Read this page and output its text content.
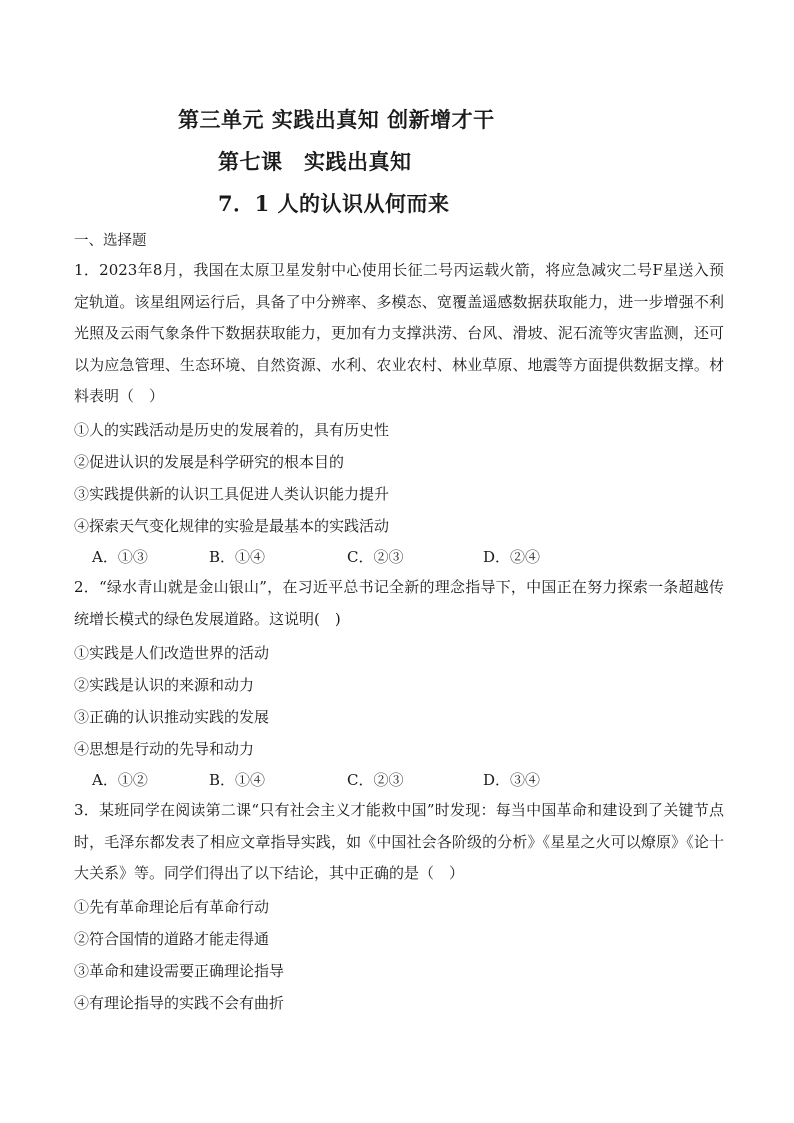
第三单元 实践出真知 创新增才干
第七课　实践出真知
7．1 人的认识从何而来
一、选择题
1．2023年8月，我国在太原卫星发射中心使用长征二号丙运载火箭，将应急减灾二号F星送入预定轨道。该星组网运行后，具备了中分辨率、多模态、宽覆盖遥感数据获取能力，进一步增强不利光照及云雨气象条件下数据获取能力，更加有力支撑洪涝、台风、滑坡、泥石流等灾害监测，还可以为应急管理、生态环境、自然资源、水利、农业农村、林业草原、地震等方面提供数据支撑。材料表明（　）
①人的实践活动是历史的发展着的，具有历史性
②促进认识的发展是科学研究的根本目的
③实践提供新的认识工具促进人类认识能力提升
④探索天气变化规律的实验是最基本的实践活动
A．①③	B．①④	C．②③	D．②④
2．“绿水青山就是金山银山”，在习近平总书记全新的理念指导下，中国正在努力探索一条超越传统增长模式的绿色发展道路。这说明(　)
①实践是人们改造世界的活动
②实践是认识的来源和动力
③正确的认识推动实践的发展
④思想是行动的先导和动力
A．①②	B．①④	C．②③	D．③④
3．某班同学在阅读第二课“只有社会主义才能救中国”时发现：每当中国革命和建设到了关键节点时，毛泽东都发表了相应文章指导实践，如《中国社会各阶级的分析》《星星之火可以燎原》《论十大关系》等。同学们得出了以下结论，其中正确的是（　）
①先有革命理论后有革命行动
②符合国情的道路才能走得通
③革命和建设需要正确理论指导
④有理论指导的实践不会有曲折
